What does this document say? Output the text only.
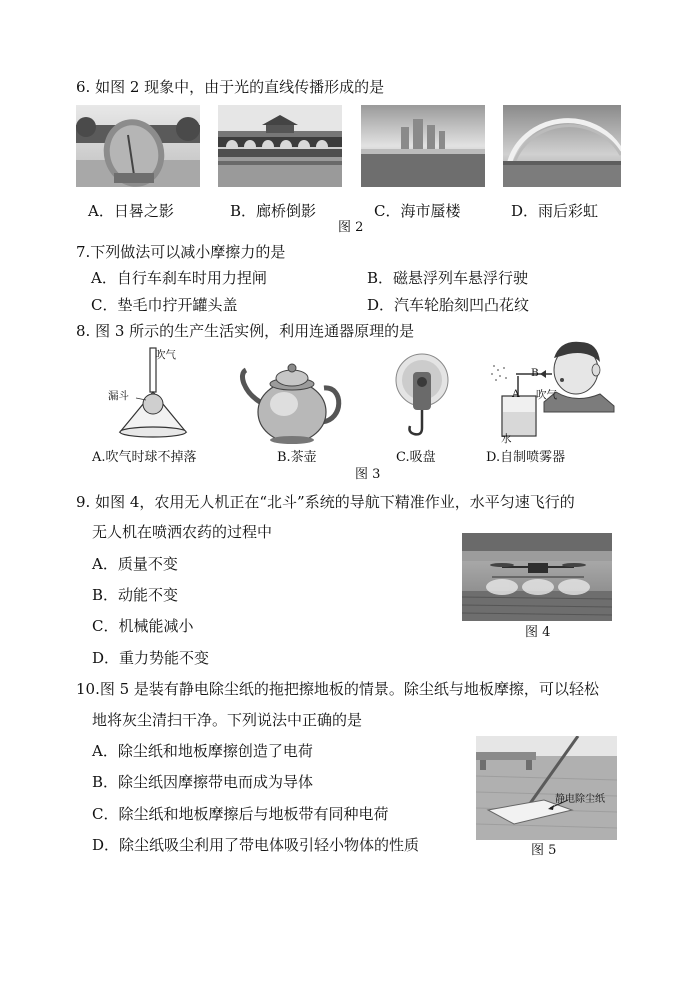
6. 如图 2 现象中，由于光的直线传播形成的是
A．日晷之影	B．廊桥倒影	C．海市蜃楼	D．雨后彩虹
图 2
7.下列做法可以减小摩擦力的是
A．自行车刹车时用力捏闸	B．磁悬浮列车悬浮行驶
C．垫毛巾拧开罐头盖	D．汽车轮胎刻凹凸花纹
8. 图 3 所示的生产生活实例，利用连通器原理的是
吹气
漏斗
B
A 吹气
水
A.吹气时球不掉落	B.茶壶	C.吸盘	D.自制喷雾器
图 3
9. 如图 4，农用无人机正在“北斗”系统的导航下精准作业，水平匀速飞行的
无人机在喷洒农药的过程中
A．质量不变
B．动能不变
C．机械能减小
D．重力势能不变
图 4
10.图 5 是装有静电除尘纸的拖把擦地板的情景。除尘纸与地板摩擦，可以轻松
地将灰尘清扫干净。下列说法中正确的是
A．除尘纸和地板摩擦创造了电荷
B．除尘纸因摩擦带电而成为导体
C．除尘纸和地板摩擦后与地板带有同种电荷
D．除尘纸吸尘利用了带电体吸引轻小物体的性质
静电除尘纸
图 5
